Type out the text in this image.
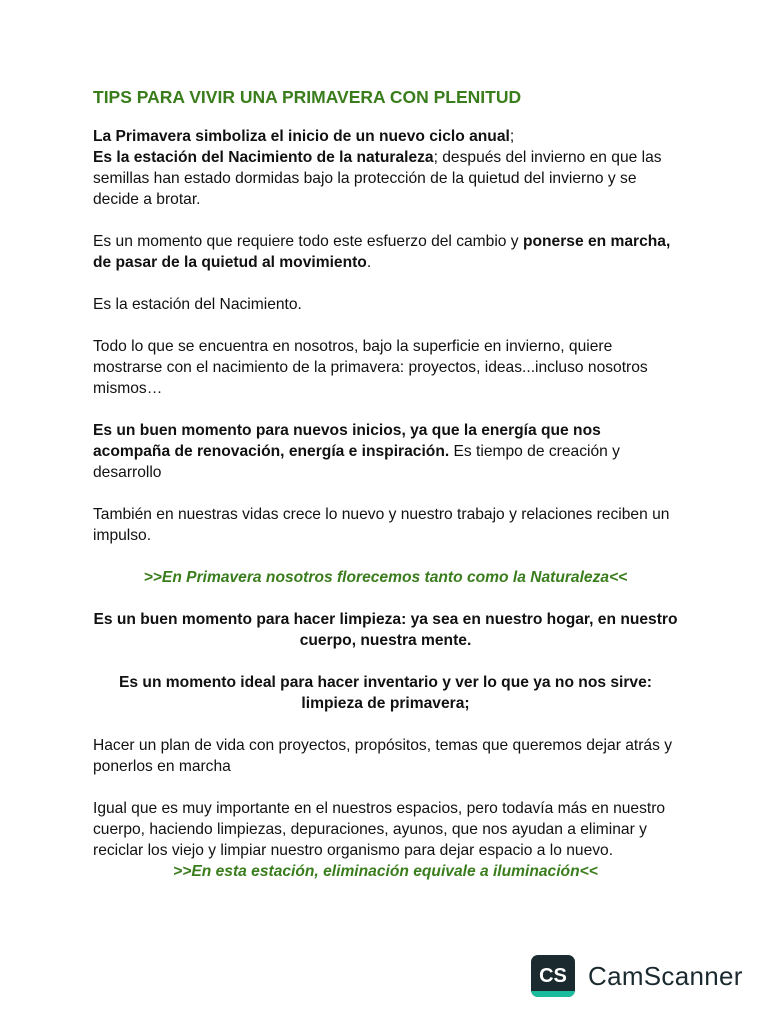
TIPS PARA VIVIR UNA PRIMAVERA CON PLENITUD

La Primavera simboliza el inicio de un nuevo ciclo anual;
Es la estación del Nacimiento de la naturaleza; después del invierno en que las semillas han estado dormidas bajo la protección de la quietud del invierno y se decide a brotar.

Es un momento que requiere todo este esfuerzo del cambio y ponerse en marcha, de pasar de la quietud al movimiento.

Es la estación del Nacimiento.

Todo lo que se encuentra en nosotros, bajo la superficie en invierno, quiere mostrarse con el nacimiento de la primavera: proyectos, ideas...incluso nosotros mismos…

Es un buen momento para nuevos inicios, ya que la energía que nos acompaña de renovación, energía e inspiración. Es tiempo de creación y desarrollo

También en nuestras vidas crece lo nuevo y nuestro trabajo y relaciones reciben un impulso.

>>En Primavera nosotros florecemos tanto como la Naturaleza<<

Es un buen momento para hacer limpieza: ya sea en nuestro hogar, en nuestro cuerpo, nuestra mente.

Es un momento ideal para hacer inventario y ver lo que ya no nos sirve: limpieza de primavera;

Hacer un plan de vida con proyectos, propósitos, temas que queremos dejar atrás y ponerlos en marcha

Igual que es muy importante en el nuestros espacios, pero todavía más en nuestro cuerpo, haciendo limpiezas, depuraciones, ayunos, que nos ayudan a eliminar y reciclar los viejo y limpiar nuestro organismo para dejar espacio a lo nuevo.

>>En esta estación, eliminación equivale a iluminación<<
CS CamScanner
